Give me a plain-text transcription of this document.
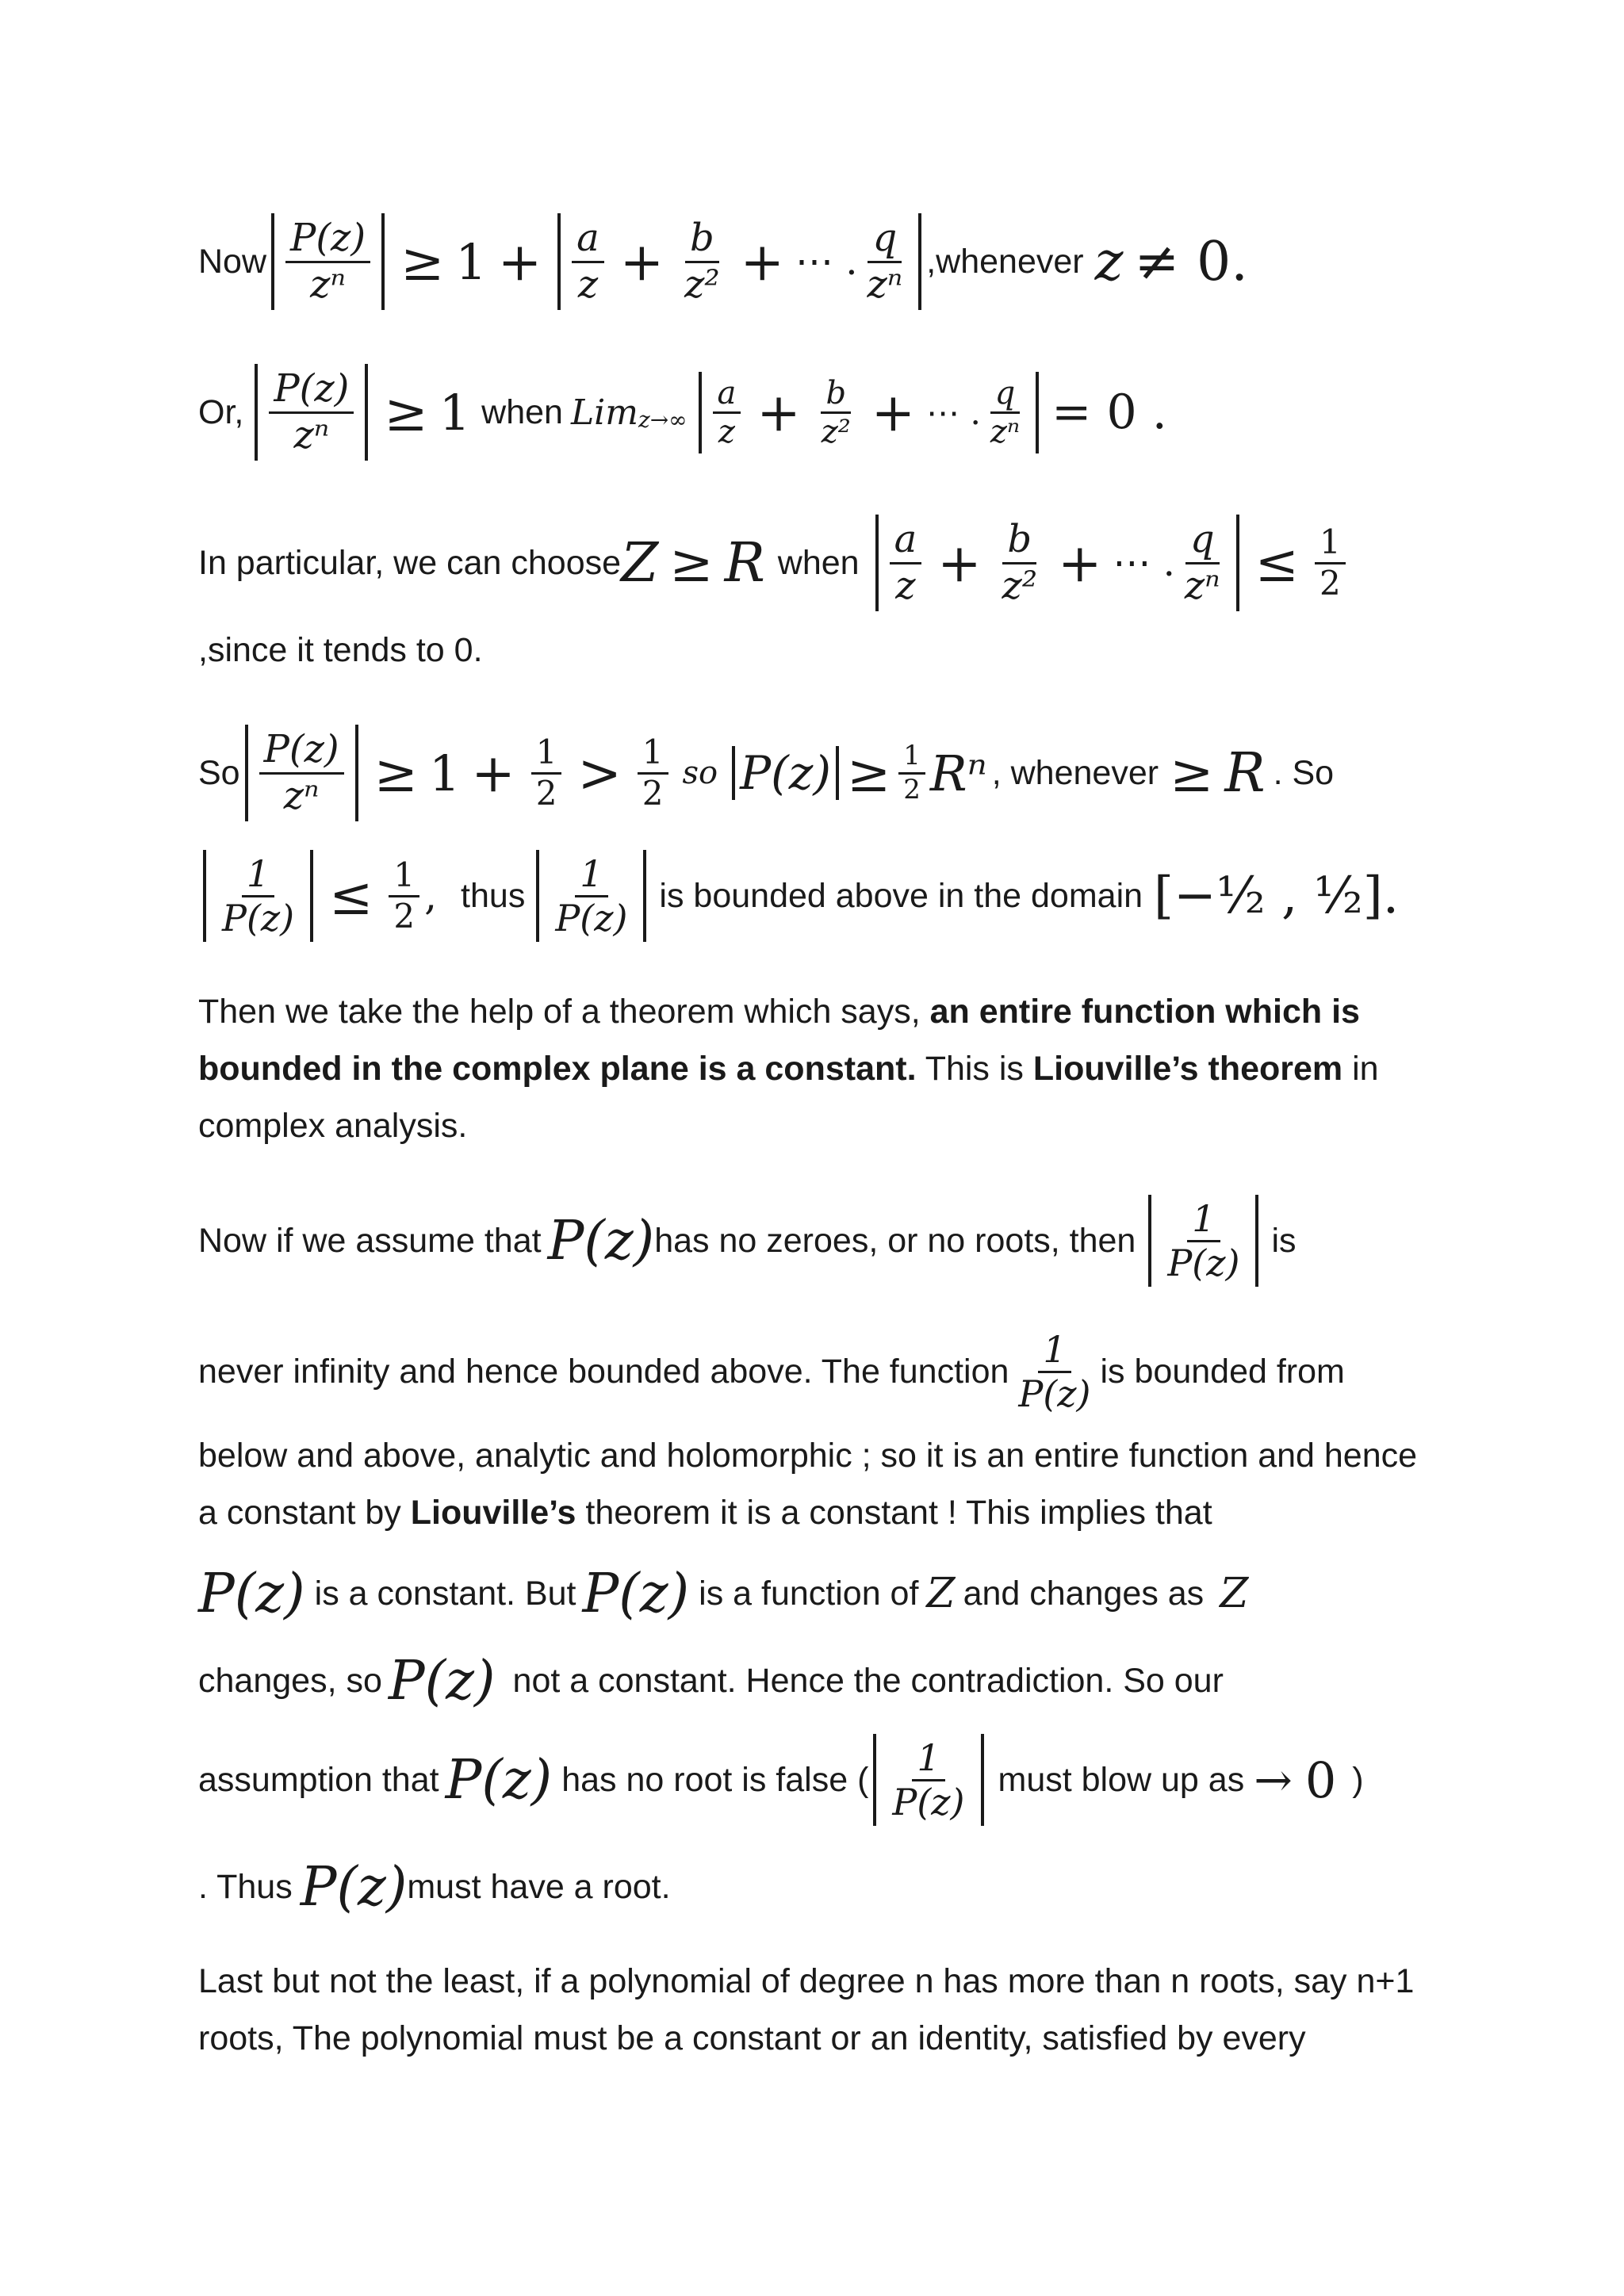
Now $\frac{P(z)}{\text{zⁿ}} \ge 1 + \frac{a}{z} + \frac{b}{\text{z²}}$ + ⋯ . $\frac{q}{\text{zⁿ}}$ ,whenever z ≠ 0.
Or, $\frac{P(z)}{\text{zⁿ}} \ge 1$ when Lim $z\to\infty \frac{a}{z} + \frac{b}{\text{z²}}$ + ⋯ . $\frac{q}{\text{zⁿ}} = 0$ .
In particular, we can choose Z ≥ R when $\frac{a}{z} + \frac{b}{\text{z²}}$ + ⋯ . $\frac{q}{\text{zⁿ}} \le \frac{1}{2}$
,since it tends to 0.
So $\frac{P(z)}{\text{zⁿ}} \ge 1 + \frac{1}{2} > \frac{1}{2}$ so $P(z) \ge \frac{1}{2}$ Rⁿ , whenever ≥ R . So
$\frac{1}{P(z)} \le \frac{1}{2}$ , thus $\frac{1}{P(z)}$ is bounded above in the domain [−½ , ½].
Then we take the help of a theorem which says, an entire function which is bounded in the complex plane is a constant. This is Liouville’s theorem in complex analysis.
Now if we assume that P(z) has no zeroes, or no roots, then $\frac{1}{P(z)}$ is
never infinity and hence bounded above. The function $\frac{1}{P(z)}$ is bounded from
below and above, analytic and holomorphic ; so it is an entire function and hence a constant by Liouville’s theorem it is a constant ! This implies that
P(z) is a constant. But P(z) is a function of Z and changes as Z
changes, so P(z) not a constant. Hence the contradiction. So our
assumption that P(z) has no root is false ( $\frac{1}{P(z)}$ must blow up as → 0 )
. Thus P(z) must have a root.
Last but not the least, if a polynomial of degree n has more than n roots, say n+1 roots, The polynomial must be a constant or an identity, satisfied by every
